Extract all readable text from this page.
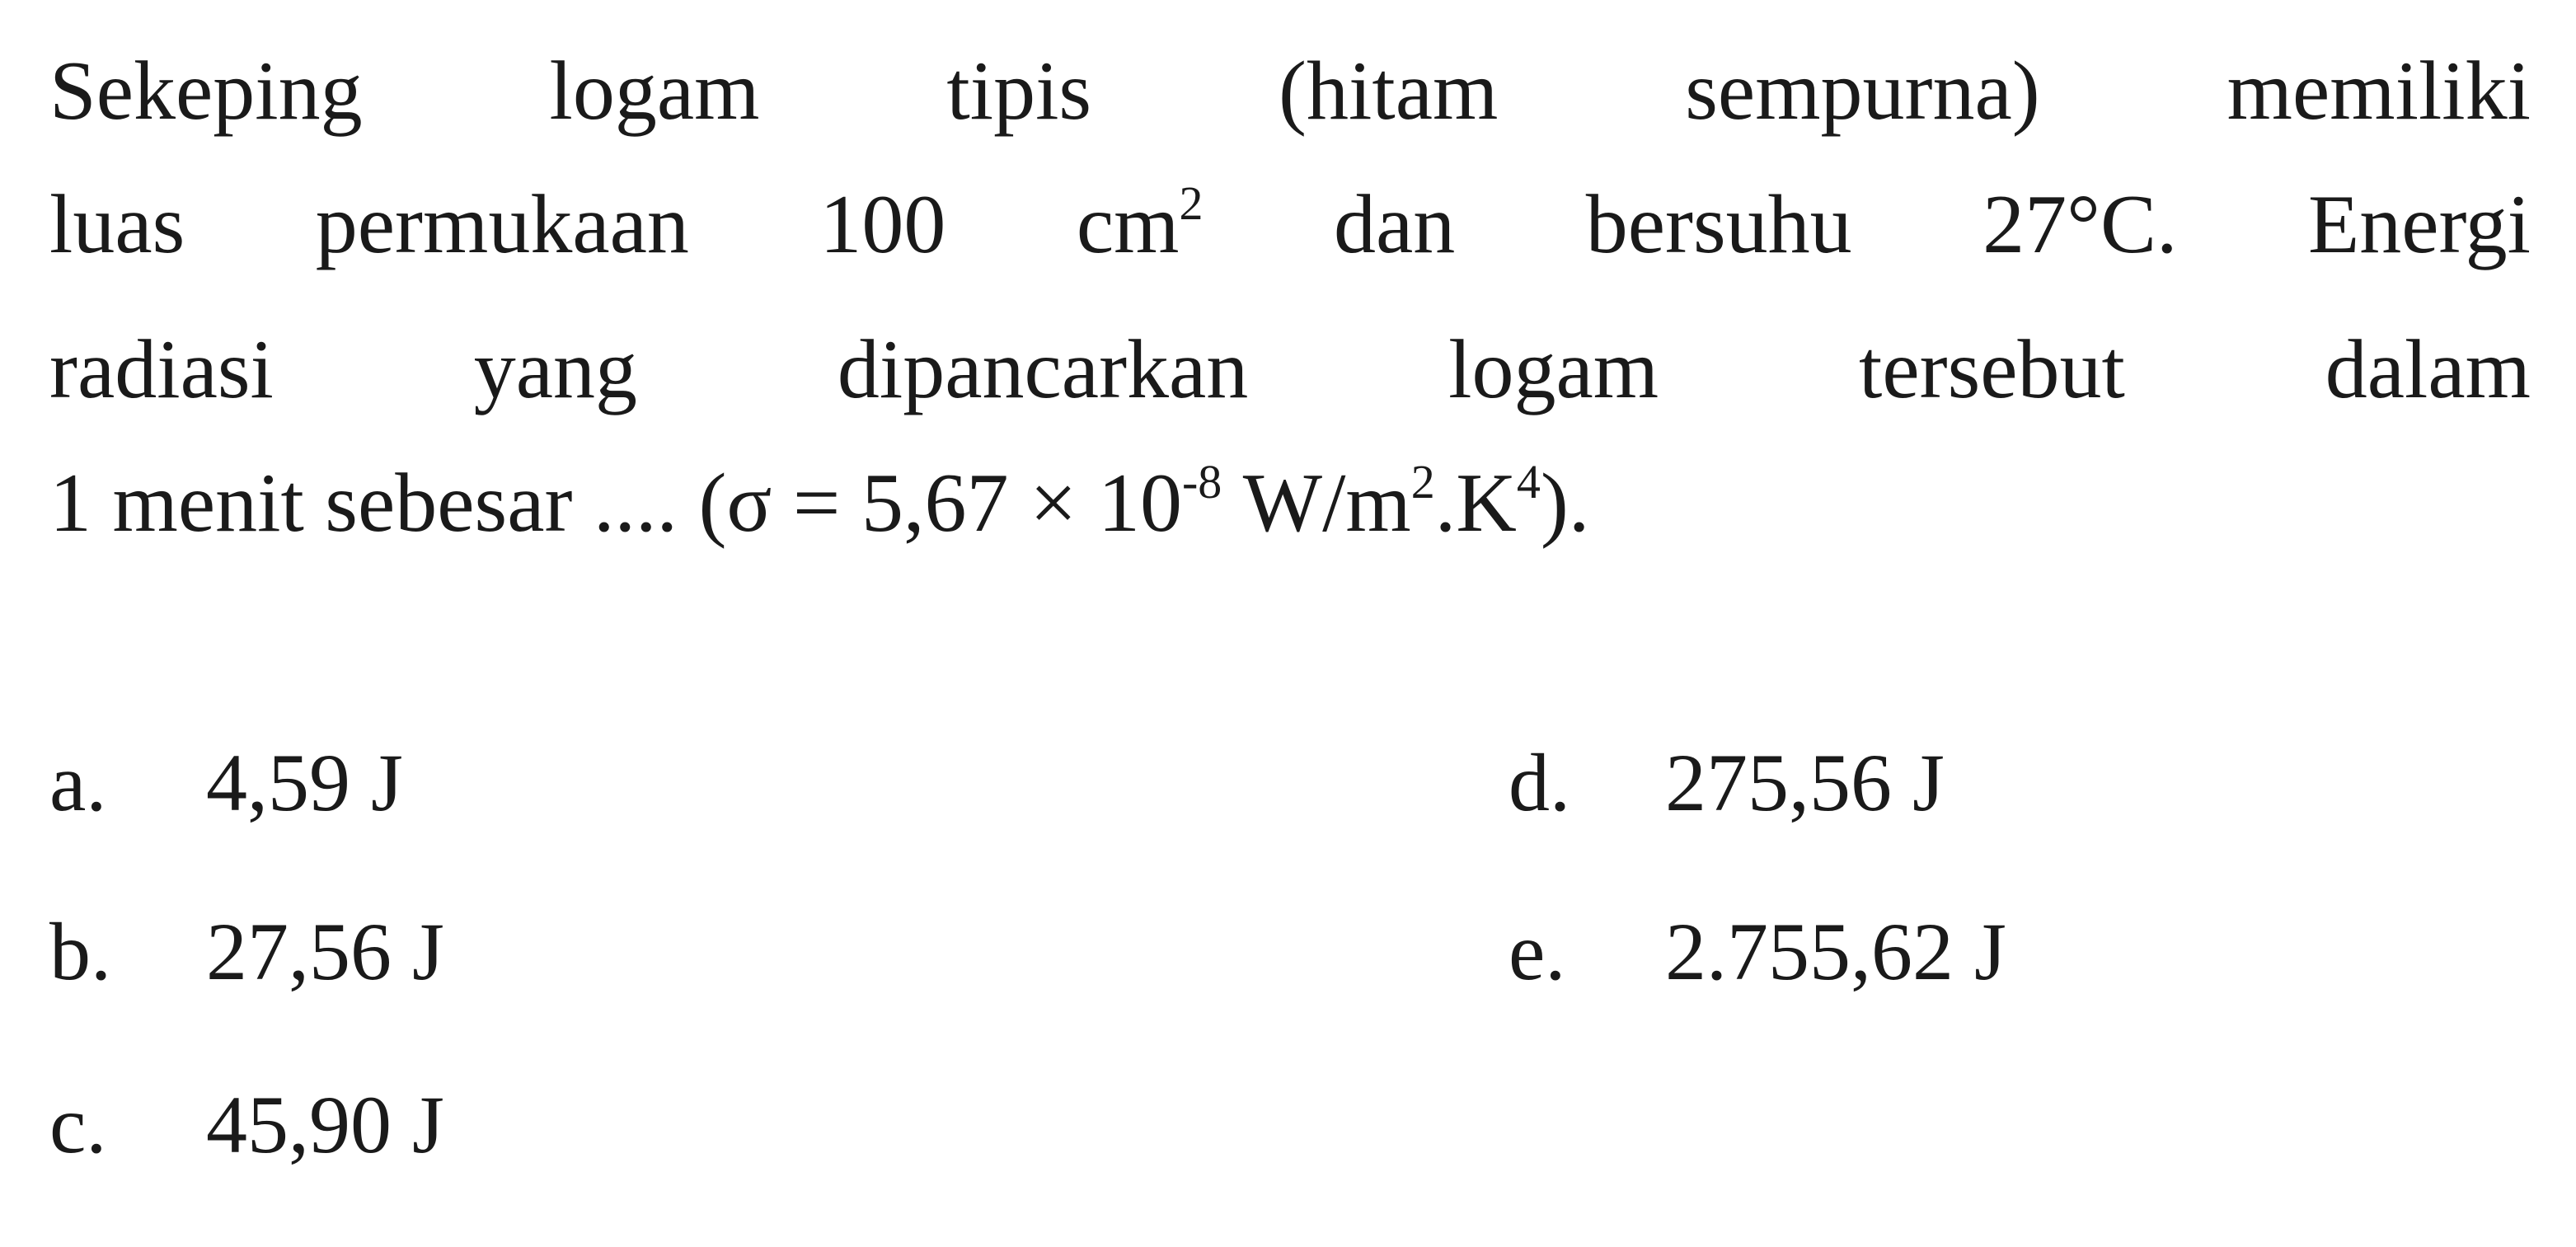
Sekeping logam tipis (hitam sempurna) memiliki
luas permukaan 100 $cm^2$ dan bersuhu 27°C. Energi
radiasi yang dipancarkan logam tersebut dalam
1 menit sebesar .... ($\sigma = 5,67 \times 10^{-8}$ $W/m^2.K^4$).
a. 4,59 J
b. 27,56 J
c. 45,90 J
d. 275,56 J
e. 2.755,62 J
